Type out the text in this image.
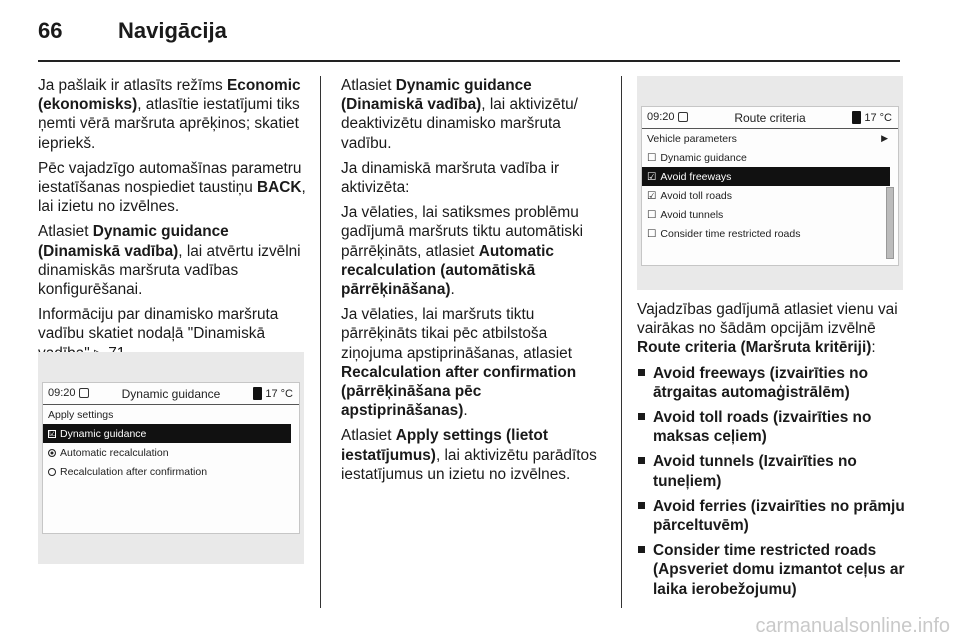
66	Navigācija

Ja pašlaik ir atlasīts režīms Economic (ekonomisks), atlasītie iestatījumi tiks ņemti vērā maršruta aprēķinos; skatiet iepriekš.

Pēc vajadzīgo automašīnas parametru iestatīšanas nospiediet taustiņu BACK, lai izietu no izvēlnes.

Atlasiet Dynamic guidance (Dinamiskā vadība), lai atvērtu izvēlni dinamiskās maršruta vadības konfigurēšanai.

Informāciju par dinamisko maršruta vadību skatiet nodaļā "Dinamiskā

09:20	Dynamic guidance	17 °C
Apply settings
☑ Dynamic guidance
Automatic recalculation
Recalculation after confirmation

Atlasiet Dynamic guidance (Dinamiskā vadība), lai aktivizētu/ deaktivizētu dinamisko maršruta vadību.

Ja dinamiskā maršruta vadība ir aktivizēta:

Ja vēlaties, lai satiksmes problēmu gadījumā maršruts tiktu automātiski pārrēķināts, atlasiet Automatic recalculation (automātiskā pārrēķināšana).

Ja vēlaties, lai maršruts tiktu pārrēķināts tikai pēc atbilstoša ziņojuma apstiprināšanas, atlasiet Recalculation after confirmation (pārrēķināšana pēc apstiprināšanas).

Atlasiet Apply settings (lietot iestatījumus), lai aktivizētu parādītos iestatījumus un izietu no izvēlnes.

09:20	Route criteria	17 °C
Vehicle parameters	▶
☐ Dynamic guidance
☑ Avoid freeways
☑ Avoid toll roads
☐ Avoid tunnels
☐ Consider time restricted roads

Vajadzības gadījumā atlasiet vienu vai vairākas no šādām opcijām izvēlnē Route criteria (Maršruta kritēriji):

Avoid freeways (izvairīties no ātrgaitas automaģistrālēm)
Avoid toll roads (izvairīties no maksas ceļiem)
Avoid tunnels (Izvairīties no tuneļiem)
Avoid ferries (izvairīties no prāmju pārceltuvēm)
Consider time restricted roads (Apsveriet domu izmantot ceļus ar laika ierobežojumu)
carmanualsonline.info
